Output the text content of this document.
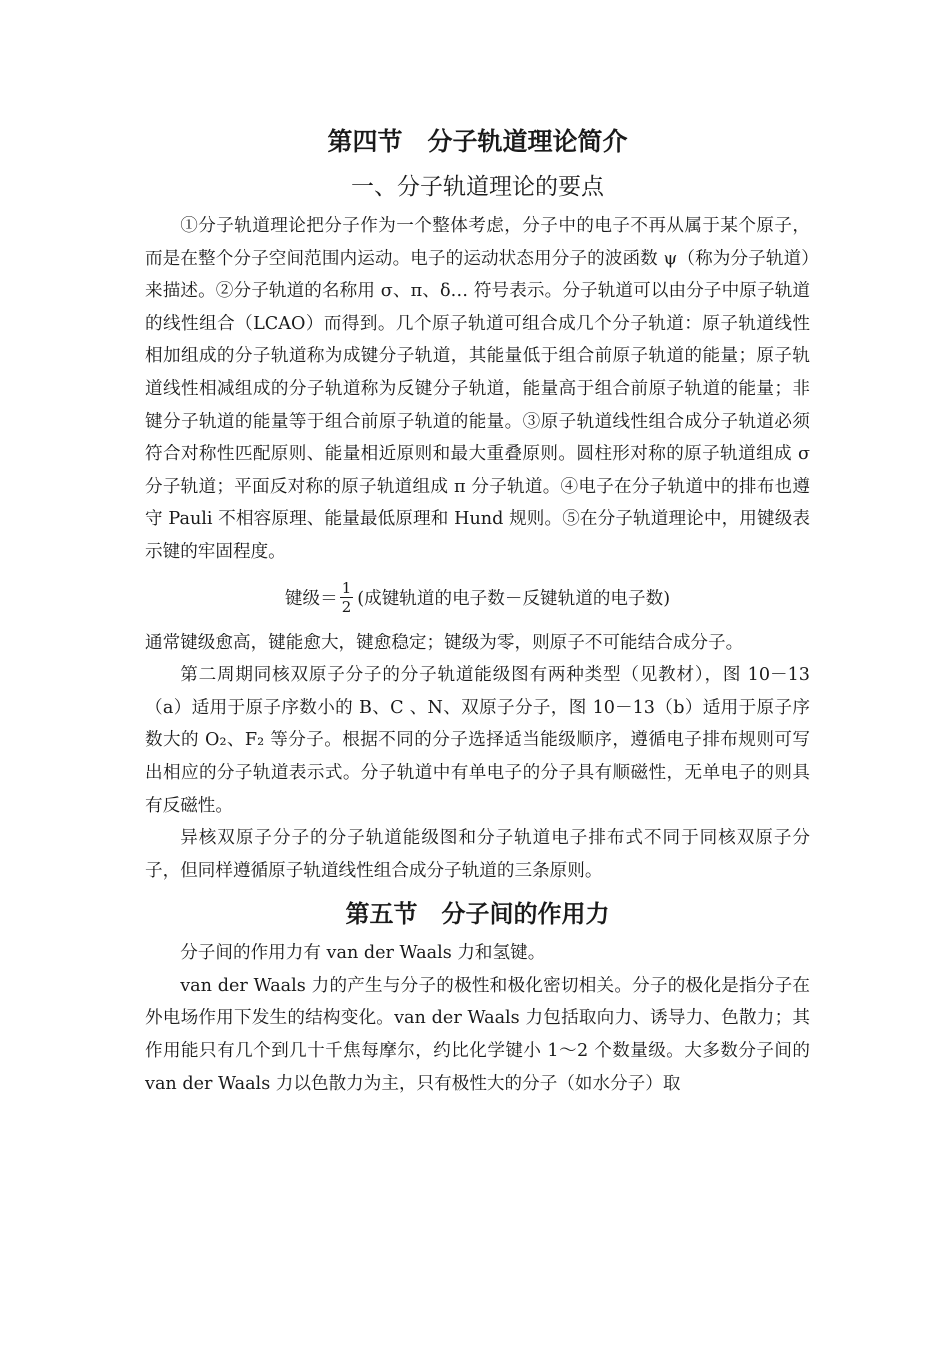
第四节　分子轨道理论简介
一、分子轨道理论的要点

①分子轨道理论把分子作为一个整体考虑，分子中的电子不再从属于某个原子，而是在整个分子空间范围内运动。电子的运动状态用分子的波函数 ψ（称为分子轨道）来描述。②分子轨道的名称用 σ、π、δ… 符号表示。分子轨道可以由分子中原子轨道的线性组合（LCAO）而得到。几个原子轨道可组合成几个分子轨道：原子轨道线性相加组成的分子轨道称为成键分子轨道，其能量低于组合前原子轨道的能量；原子轨道线性相减组成的分子轨道称为反键分子轨道，能量高于组合前原子轨道的能量；非键分子轨道的能量等于组合前原子轨道的能量。③原子轨道线性组合成分子轨道必须符合对称性匹配原则、能量相近原则和最大重叠原则。圆柱形对称的原子轨道组成 σ 分子轨道；平面反对称的原子轨道组成 π 分子轨道。④电子在分子轨道中的排布也遵守 Pauli 不相容原理、能量最低原理和 Hund 规则。⑤在分子轨道理论中，用键级表示键的牢固程度。

键级＝ $\frac{1}{2}$ (成键轨道的电子数－反键轨道的电子数)

通常键级愈高，键能愈大，键愈稳定；键级为零，则原子不可能结合成分子。

第二周期同核双原子分子的分子轨道能级图有两种类型（见教材），图 10－13（a）适用于原子序数小的 B、C 、N、双原子分子，图 10－13（b）适用于原子序数大的 O₂、F₂ 等分子。根据不同的分子选择适当能级顺序，遵循电子排布规则可写出相应的分子轨道表示式。分子轨道中有单电子的分子具有顺磁性，无单电子的则具有反磁性。

异核双原子分子的分子轨道能级图和分子轨道电子排布式不同于同核双原子分子，但同样遵循原子轨道线性组合成分子轨道的三条原则。

第五节　分子间的作用力

分子间的作用力有 van der Waals 力和氢键。

van der Waals 力的产生与分子的极性和极化密切相关。分子的极化是指分子在外电场作用下发生的结构变化。van der Waals 力包括取向力、诱导力、色散力；其作用能只有几个到几十千焦每摩尔，约比化学键小 1～2 个数量级。大多数分子间的 van der Waals 力以色散力为主，只有极性大的分子（如水分子）取
